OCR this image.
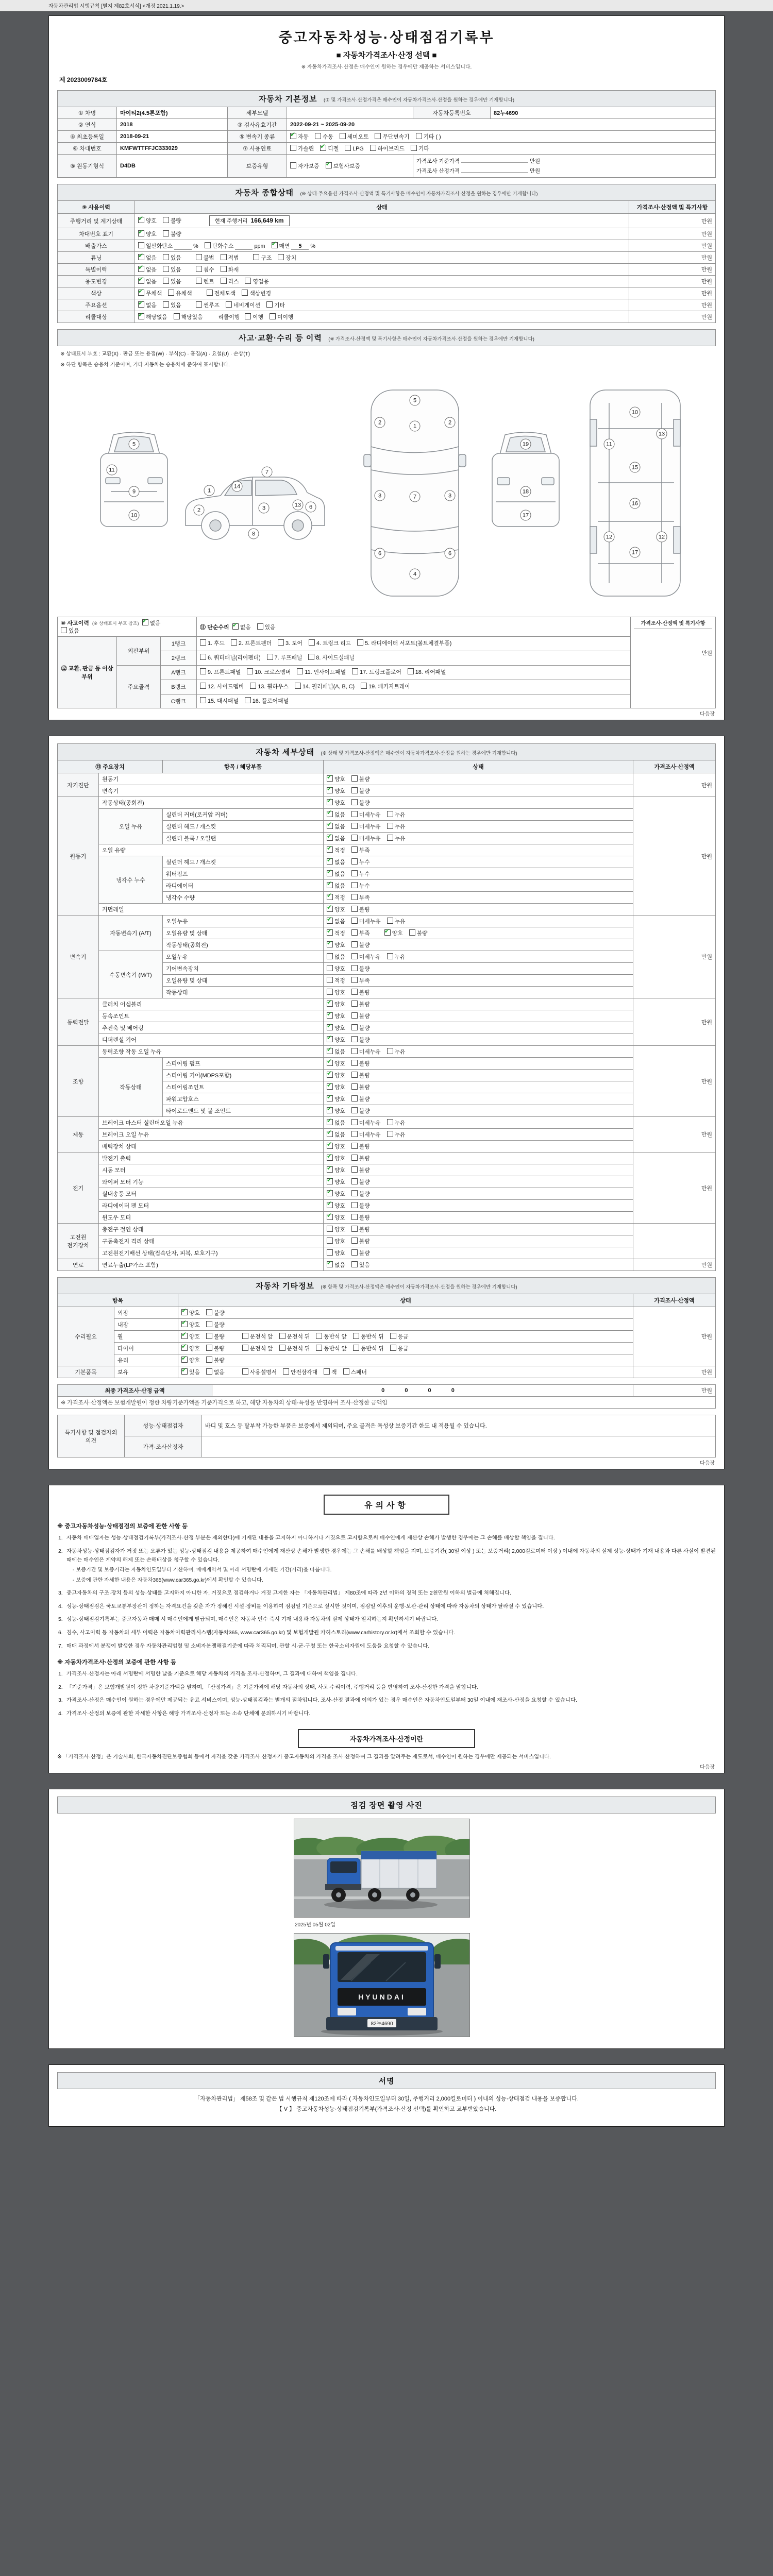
자동차관리법 시행규칙 [별지 제82호서식] <개정 2021.1.19.>
중고자동차성능·상태점검기록부
■ 자동차가격조사·산정 선택 ■
※ 자동차가격조사·산정은 매수인이 원하는 경우에만 제공하는 서비스입니다.
제 2023009784호
자동차 기본정보 (⑦ 및 가격조사·산정가격은 매수인이 자동차가격조사·산정을 원하는 경우에만 기재합니다)
① 차명	마이티2(4.5톤포함)	세부모델		자동차등록번호	82누4690
② 연식	2018	③ 검사유효기간	2022-09-21 ~ 2025-09-20		
④ 최초등록일	2018-09-21	⑤ 변속기 종류	✔자동 수동 세미오토 무단변속기 기타 ( )
⑥ 차대번호	KMFWTTFFJC333029	⑦ 사용연료	가솔린 ✔ 디젤 LPG 하이브리드 기타
⑧ 원동기형식	D4DB	보증유형	자가보증 ✔ 보험사보증	가격조사 기준가격 만원
가격조사 산정가격 만원	
자동차 종합상태 (※ 상태·주요옵션·가격조사·산정액 및 특기사항은 매수인이 자동차가격조사·산정을 원하는 경우에만 기재합니다)
⑨ 사용이력	상태	가격조사·산정액 및 특기사항
주행거리 및 계기상태	✔양호 불량 현재 주행거리 166,649 km	만원
차대번호 표기	✔양호 불량	만원
배출가스	일산화탄소 % 탄화수소 ppm ✔ 매연 5 %	만원
튜닝	✔없음 있음 불법 적법 구조 장치	만원
특별이력	✔없음 있음 침수 화재	만원
용도변경	✔없음 있음 렌트 리스 영업용	만원
색상	✔무채색 유채색 전체도색 색상변경	만원
주요옵션	✔없음 있음 썬루프 네비게이션 기타	만원
리콜대상	✔해당없음 해당있음 리콜이행 이행 미이행	만원
사고·교환·수리 등 이력 (※ 가격조사·산정액 및 특기사항은 매수인이 자동차가격조사·산정을 원하는 경우에만 기재합니다)
※ 상태표시 부호 : 교환(X) · 판금 또는 용접(W) · 부식(C) · 흠집(A) · 요철(U) · 손상(T)
※ 하단 항목은 승용차 기준이며, 기타 자동차는 승용차에 준하여 표시합니다.
5
9
10
11
1
2
14
3
7
6
8
13
5
1
2	2
3	3
7
6	6
4
19
18
17
10
11
13
15
16
12	12
17
⑩ 사고이력 (※ 상태표시 부호 참조) ✔ 없음있음			⑪ 단순수리 ✔ 없음 있음	가격조사·산정액 및 특기사항
만원

⑫ 교환, 판금 등 이상 부위	외판부위	1랭크	1. 후드 2. 프론트펜더 3. 도어 4. 트렁크 리드 5. 라디에이터 서포트(볼트체결부품)	
		2랭크	6. 쿼터패널(리어펜더) 7. 루프패널 8. 사이드실패널	
	주요골격	A랭크	9. 프론트패널 10. 크로스멤버 11. 인사이드패널 17. 트렁크플로어 18. 리어패널	
		B랭크	12. 사이드멤버 13. 휠하우스 14. 필러패널(A, B, C) 19. 패키지트레이	
		C랭크	15. 대시패널 16. 플로어패널	
다음장
자동차 세부상태 (※ 상태 및 가격조사·산정액은 매수인이 자동차가격조사·산정을 원하는 경우에만 기재합니다)
⑬ 주요장치		항목 / 해당부품	상태	가격조사·산정액
자기진단	원동기	✔양호 불량	만원
	변속기	✔양호 불량
원동기	작동상태(공회전)	✔양호 불량	만원
	오일 누유	실린더 커버(로커암 커버)	✔없음 미세누유 누유
		실린더 헤드 / 개스킷	✔없음 미세누유 누유
		실린더 블록 / 오일팬	✔없음 미세누유 누유
	오일 유량	✔적정 부족
	냉각수 누수	실린더 헤드 / 개스킷	✔없음 누수
		워터펌프	✔없음 누수
		라디에이터	✔없음 누수
		냉각수 수량	✔적정 부족
	커먼레일	✔양호 불량
변속기	자동변속기 (A/T)	오일누유	✔없음 미세누유 누유	만원
		오일유량 및 상태	✔적정 부족 ✔ 양호 불량
		작동상태(공회전)	✔양호 불량
	수동변속기 (M/T)	오일누유	없음 미세누유 누유	
		기어변속장치	양호 불량	
		오일유량 및 상태	적정 부족	
		작동상태	양호 불량	
동력전달	클러치 어셈블리	✔양호 불량	만원
	등속조인트	✔양호 불량
	추진축 및 베어링	✔양호 불량
	디퍼렌셜 기어	✔양호 불량
조향	동력조향 작동 오일 누유	✔없음 미세누유 누유	만원
	작동상태	스티어링 펌프	✔양호 불량
		스티어링 기어(MDPS포함)	✔양호 불량
		스티어링조인트	✔양호 불량
		파워고압호스	✔양호 불량
		타이로드엔드 및 볼 조인트	✔양호 불량
제동	브레이크 마스터 실린더오일 누유	✔없음 미세누유 누유	만원
	브레이크 오일 누유	✔없음 미세누유 누유
	배력장치 상태	✔양호 불량
전기	발전기 출력	✔양호 불량	만원
	시동 모터	✔양호 불량
	와이퍼 모터 기능	✔양호 불량
	실내송풍 모터	✔양호 불량
	라디에이터 팬 모터	✔양호 불량
	윈도우 모터	✔양호 불량
고전원 전기장치	충전구 절연 상태		양호 불량	
	구동축전지 격리 상태		양호 불량	
	고전원전기배선 상태(접속단자, 피복, 보호기구)		양호 불량	
연료	연료누출(LP가스 포함)	✔없음 있음	만원
자동차 기타정보 (※ 항목 및 가격조사·산정액은 매수인이 자동차가격조사·산정을 원하는 경우에만 기재합니다)
항목		상태	가격조사·산정액
수리필요	외장	✔양호 불량	만원
	내장	✔양호 불량
	휠	✔양호 불량 운전석 앞 운전석 뒤 동반석 앞 동반석 뒤 응급
	타이어	✔양호 불량 운전석 앞 운전석 뒤 동반석 앞 동반석 뒤 응급
	유리	✔양호 불량
기본품목	보유	✔있음 없음 사용설명서 안전삼각대 잭 스패너	만원
최종 가격조사·산정 금액	0 0 0 0	만원
※ 가격조사·산정액은 보험개발원이 정한 차량기준가액을 기준가격으로 하고, 해당 자동차의 상태·특성을 반영하여 조사·산정한 금액임
특기사항 및 점검자의 의견	성능·상태점검자	바디 및 호스 등 탈부착 가능한 부품은 보증에서 제외되며, 주요 골격은 특성상 보증기간 한도 내 적용될 수 있습니다.
	가격·조사산정자	
다음장
유의사항
※ 중고자동차성능·상태점검의 보증에 관한 사항 등
1. 자동차 매매업자는 성능·상태점검기록부(가격조사·산정 부분은 제외한다)에 기재된 내용을 고지하지 아니하거나 거짓으로 고지함으로써 매수인에게 재산상 손해가 발생한 경우에는 그 손해를 배상할 책임을 집니다.
2. 자동차성능·상태점검자가 거짓 또는 오류가 있는 성능·상태점검 내용을 제공하여 매수인에게 재산상 손해가 발생한 경우에는 그 손해를 배상할 책임을 지며, 보증기간( 30일 이상 ) 또는 보증거리( 2,000킬로미터 이상 ) 이내에 자동차의 실제 성능·상태가 기재 내용과 다른 사실이 발견된 때에는 매수인은 계약의 해제 또는 손해배상을 청구할 수 있습니다.
- 보증기간 및 보증거리는 자동차인도일부터 기산하며, 매매계약서 및 아래 서명란에 기재된 기간(거리)을 따릅니다.
- 보증에 관한 자세한 내용은 자동차365(www.car365.go.kr)에서 확인할 수 있습니다.
3. 중고자동차의 구조·장치 등의 성능·상태를 고지하지 아니한 자, 거짓으로 점검하거나 거짓 고지한 자는 「자동차관리법」 제80조에 따라 2년 이하의 징역 또는 2천만원 이하의 벌금에 처해집니다.
4. 성능·상태점검은 국토교통부장관이 정하는 자격요건을 갖춘 자가 정해진 시설·장비를 이용하여 점검일 기준으로 실시한 것이며, 점검일 이후의 운행·보관·관리 상태에 따라 자동차의 상태가 달라질 수 있습니다.
5. 성능·상태점검기록부는 중고자동차 매매 시 매수인에게 발급되며, 매수인은 자동차 인수 즉시 기재 내용과 자동차의 실제 상태가 일치하는지 확인하시기 바랍니다.
6. 침수, 사고이력 등 자동차의 세부 이력은 자동차이력관리시스템(자동차365, www.car365.go.kr) 및 보험개발원 카히스토리(www.carhistory.or.kr)에서 조회할 수 있습니다.
7. 매매 과정에서 분쟁이 발생한 경우 자동차관리법령 및 소비자분쟁해결기준에 따라 처리되며, 관할 시·군·구청 또는 한국소비자원에 도움을 요청할 수 있습니다.
※ 자동차가격조사·산정의 보증에 관한 사항 등
1. 가격조사·산정자는 아래 서명란에 서명한 날을 기준으로 해당 자동차의 가격을 조사·산정하며, 그 결과에 대하여 책임을 집니다.
2. 「기준가격」은 보험개발원이 정한 차량기준가액을 말하며, 「산정가격」은 기준가격에 해당 자동차의 상태, 사고·수리이력, 주행거리 등을 반영하여 조사·산정한 가격을 말합니다.
3. 가격조사·산정은 매수인이 원하는 경우에만 제공되는 유료 서비스이며, 성능·상태점검과는 별개의 절차입니다. 조사·산정 결과에 이의가 있는 경우 매수인은 자동차인도일부터 30일 이내에 재조사·산정을 요청할 수 있습니다.
4. 가격조사·산정의 보증에 관한 자세한 사항은 해당 가격조사·산정자 또는 소속 단체에 문의하시기 바랍니다.
자동차가격조사·산정이란
※ 「가격조사·산정」은 기술사회, 한국자동차진단보증협회 등에서 자격을 갖춘 가격조사·산정자가 중고자동차의 가격을 조사·산정하여 그 결과를 알려주는 제도로서, 매수인이 원하는 경우에만 제공되는 서비스입니다.
다음장
점검 장면 촬영 사진
2025년 05월 02일
HYUNDAI
82누4690
서명
「자동차관리법」 제58조 및 같은 법 시행규칙 제120조에 따라 ( 자동차인도일부터 30일, 주행거리 2,000킬로미터 ) 이내의 성능·상태점검 내용을 보증합니다.
【 V 】 중고자동차성능·상태점검기록부(가격조사·산정 선택)를 확인하고 교부받았습니다.
